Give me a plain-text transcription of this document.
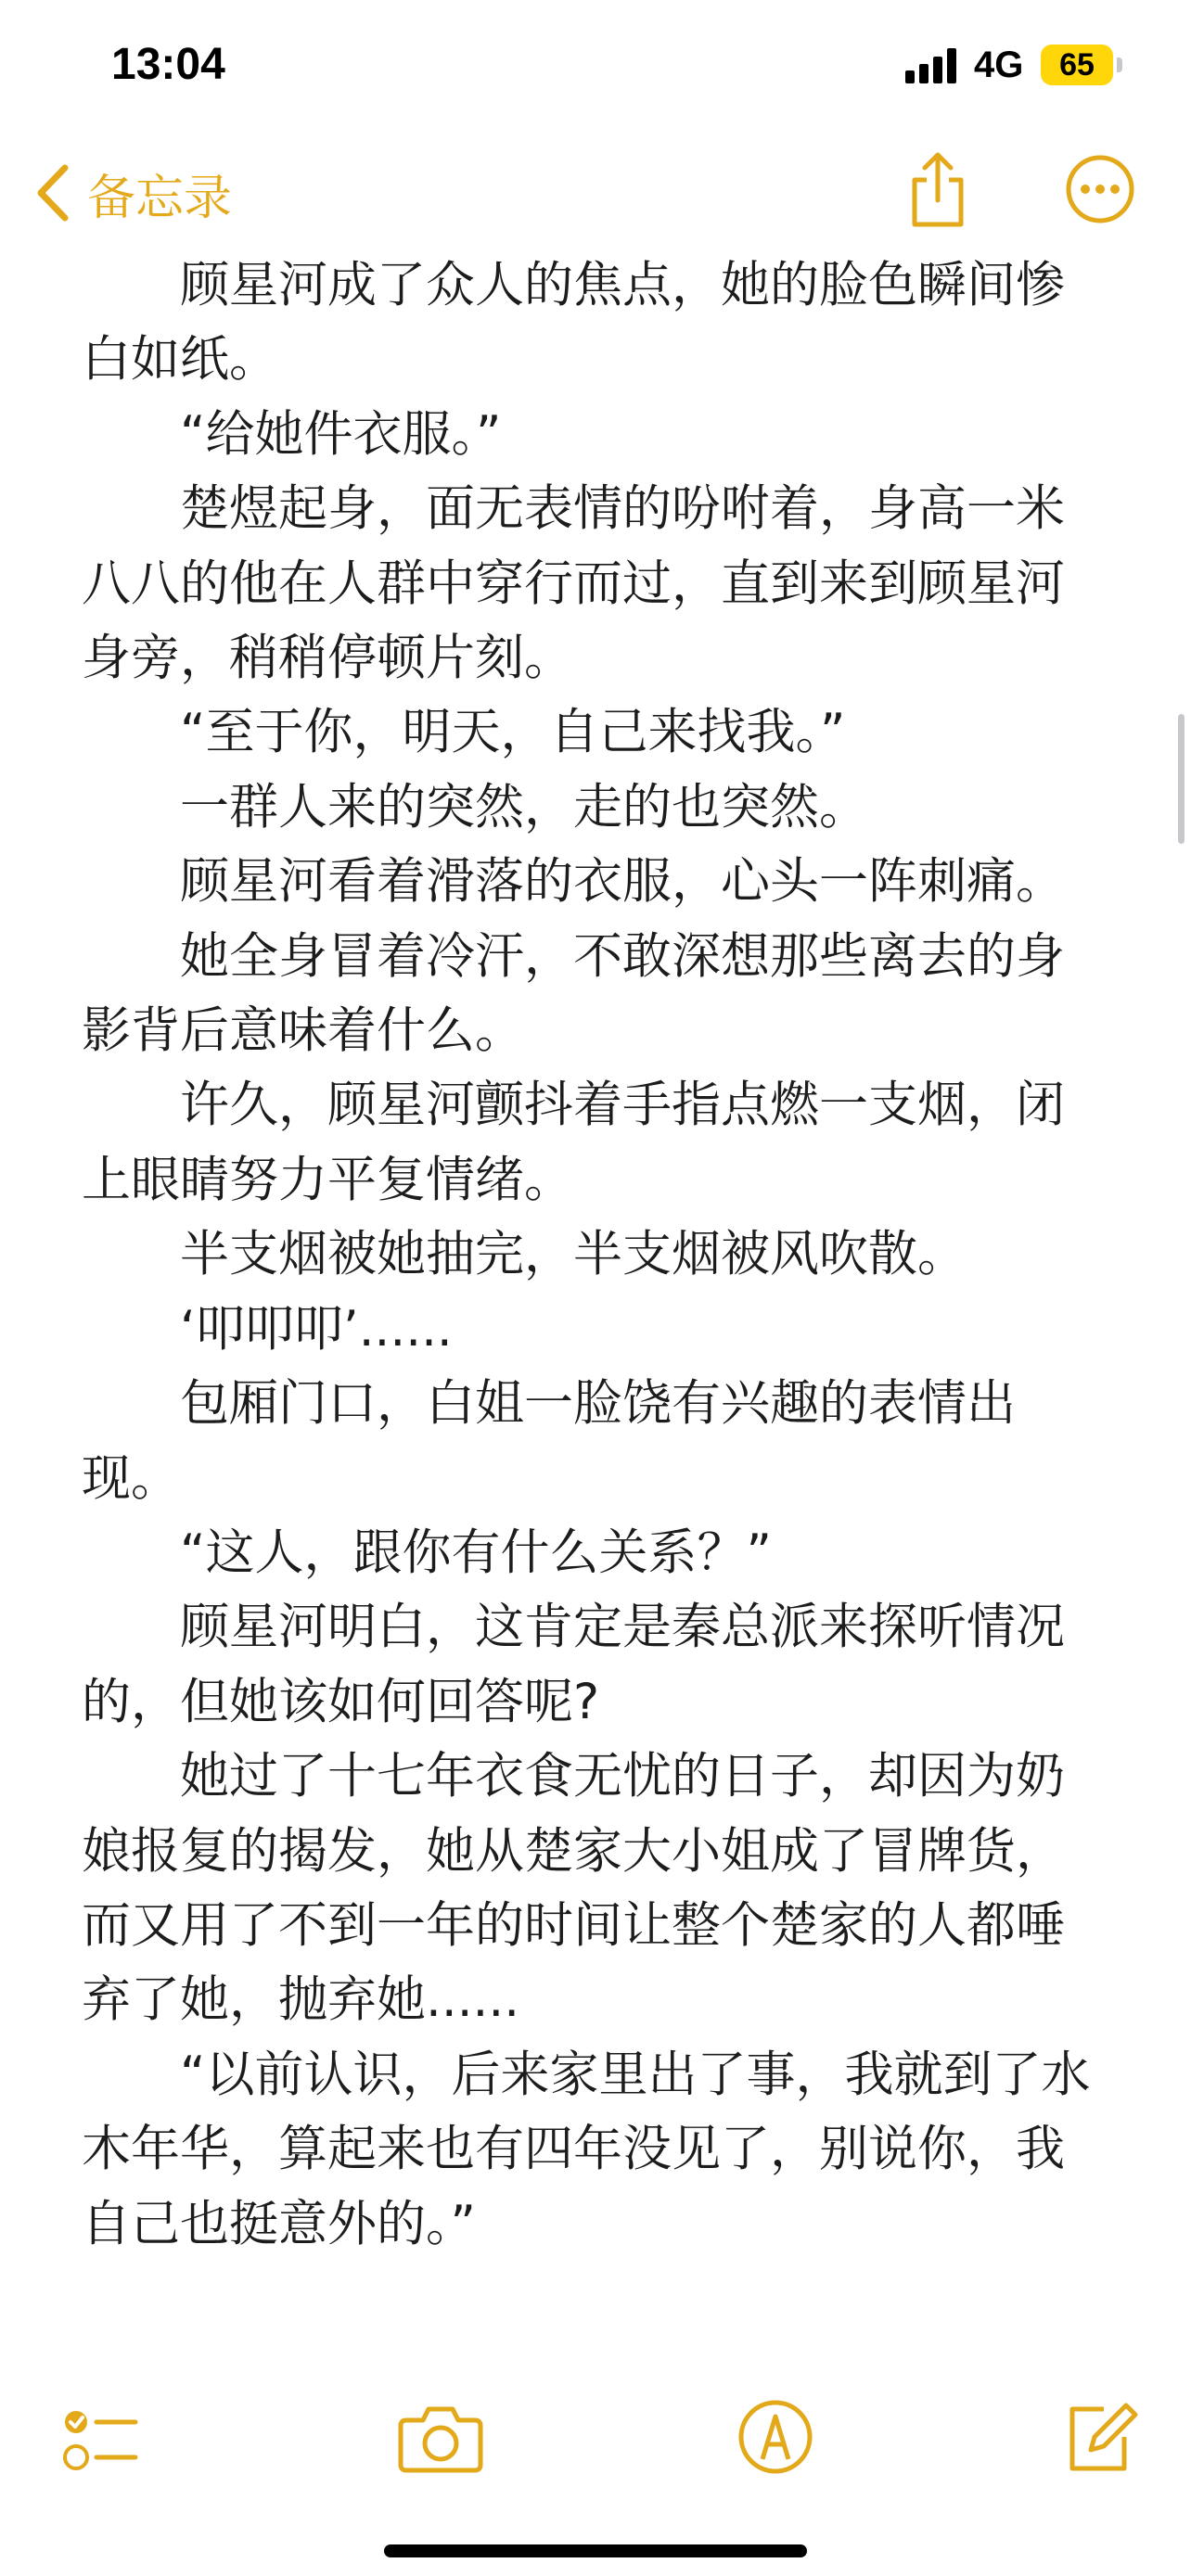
13:04	4G	65
备忘录

顾星河成了众人的焦点，她的脸色瞬间惨白如纸。

“给她件衣服。”

楚煜起身，面无表情的吩咐着，身高一米八八的他在人群中穿行而过，直到来到顾星河身旁，稍稍停顿片刻。

“至于你，明天，自己来找我。”

一群人来的突然，走的也突然。

顾星河看着滑落的衣服，心头一阵刺痛。

她全身冒着冷汗，不敢深想那些离去的身影背后意味着什么。

许久，顾星河颤抖着手指点燃一支烟，闭上眼睛努力平复情绪。

半支烟被她抽完，半支烟被风吹散。

‘叩叩叩’......

包厢门口，白姐一脸饶有兴趣的表情出现。

“这人，跟你有什么关系？”

顾星河明白，这肯定是秦总派来探听情况的，但她该如何回答呢?

她过了十七年衣食无忧的日子，却因为奶娘报复的揭发，她从楚家大小姐成了冒牌货，而又用了不到一年的时间让整个楚家的人都唾弃了她，抛弃她......

“以前认识，后来家里出了事，我就到了水木年华，算起来也有四年没见了，别说你，我自己也挺意外的。”
